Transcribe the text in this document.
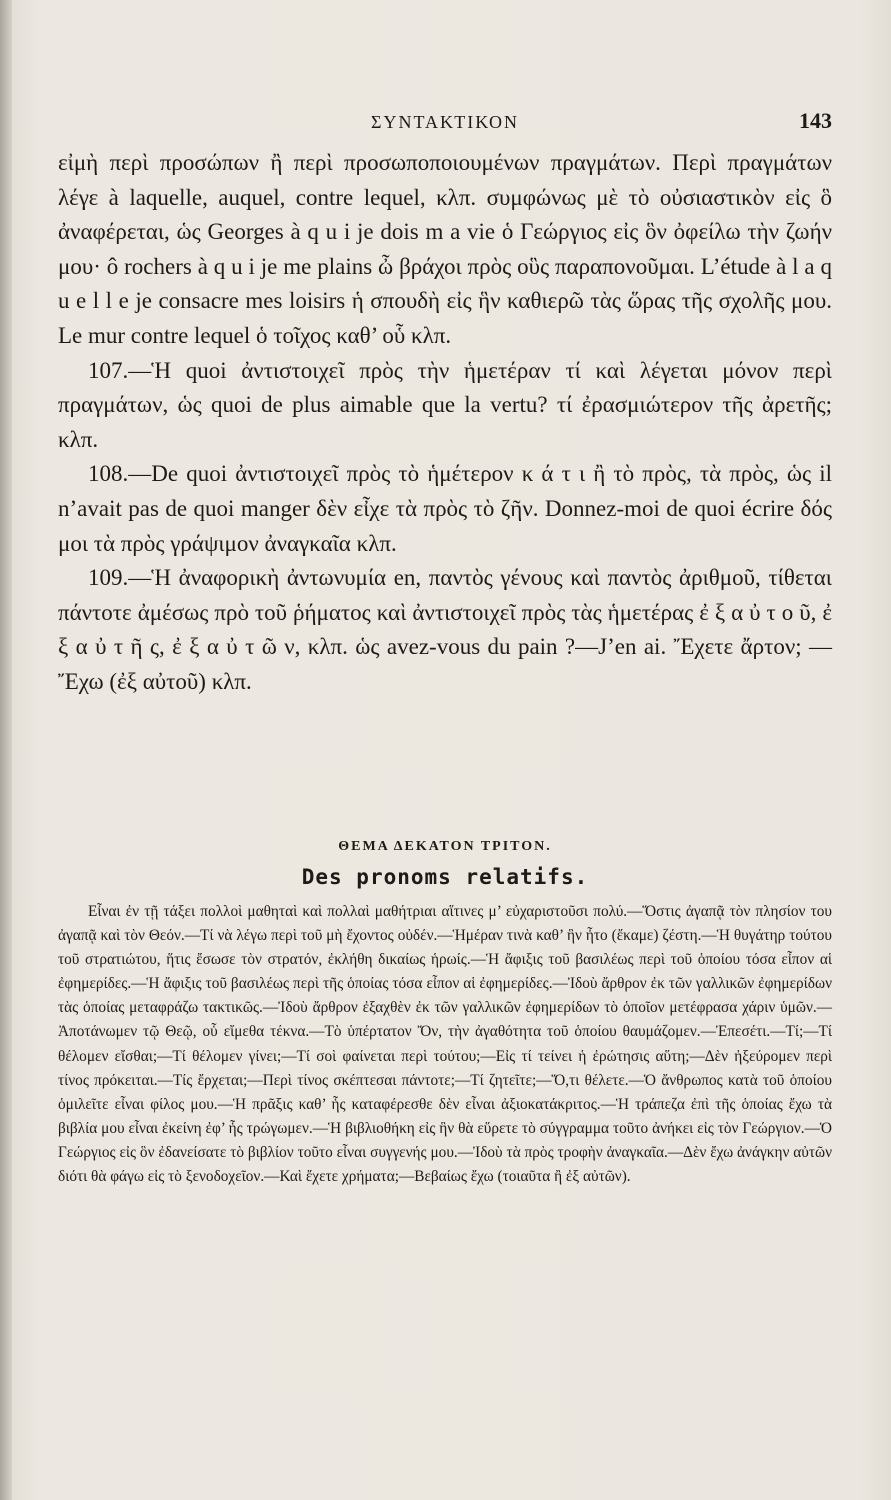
ΣΥΝΤΑΚΤΙΚΟΝ	143

εἰμὴ περὶ προσώπων ἢ περὶ προσωποποιουμένων πραγμάτων. Περὶ πραγμάτων λέγε à laquelle, auquel, contre lequel, κλπ. συμφώνως μὲ τὸ οὐσιαστικὸν εἰς ὃ ἀναφέρεται, ὡς Georges à q u i je dois m a vie ὁ Γεώργιος εἰς ὃν ὀφείλω τὴν ζωήν μου· ô rochers à q u i je me plains ὦ βράχοι πρὸς οὓς παραπονοῦμαι. L’étude à l a q u e l l e je consacre mes loisirs ἡ σπουδὴ εἰς ἣν καθιερῶ τὰς ὥρας τῆς σχολῆς μου. Le mur contre lequel ὁ τοῖχος καθ’ οὗ κλπ.

107.—Ἡ quoi ἀντιστοιχεῖ πρὸς τὴν ἡμετέραν τί καὶ λέγεται μόνον περὶ πραγμάτων, ὡς quoi de plus aimable que la vertu? τί ἐρασμιώτερον τῆς ἀρετῆς; κλπ.

108.—De quoi ἀντιστοιχεῖ πρὸς τὸ ἡμέτερον κ ά τ ι ἢ τὸ πρὸς, τὰ πρὸς, ὡς il n’avait pas de quoi manger δὲν εἶχε τὰ πρὸς τὸ ζῆν. Donnez-moi de quoi écrire δός μοι τὰ πρὸς γράψιμον ἀναγκαῖα κλπ.

109.—Ἡ ἀναφορικὴ ἀντωνυμία en, παντὸς γένους καὶ παντὸς ἀριθμοῦ, τίθεται πάντοτε ἀμέσως πρὸ τοῦ ῥήματος καὶ ἀντιστοιχεῖ πρὸς τὰς ἡμετέρας ἐ ξ α ὐ τ ο ῦ, ἐ ξ α ὐ τ ῆ ς, ἐ ξ α ὐ τ ῶ ν, κλπ. ὡς avez-vous du pain ?—J’en ai. Ἔχετε ἄρτον; —Ἔχω (ἐξ αὐτοῦ) κλπ.

ΘΕΜΑ ΔΕΚΑΤΟΝ ΤΡΙΤΟΝ.

Des pronoms relatifs.

Εἶναι ἐν τῇ τάξει πολλοὶ μαθηταὶ καὶ πολλαὶ μαθήτριαι αἵτινες μ’ εὐχαριστοῦσι πολύ.—Ὅστις ἀγαπᾷ τὸν πλησίον του ἀγαπᾷ καὶ τὸν Θεόν.—Τί νὰ λέγω περὶ τοῦ μὴ ἔχοντος οὐδέν.—Ἡμέραν τινὰ καθ’ ἣν ἦτο (ἔκαμε) ζέστη.—Ἡ θυγάτηρ τούτου τοῦ στρατιώτου, ἥτις ἔσωσε τὸν στρατόν, ἐκλήθη δικαίως ἡρωίς.—Ἡ ἄφιξις τοῦ βασιλέως περὶ τοῦ ὁποίου τόσα εἶπον αἱ ἐφημερίδες.—Ἡ ἄφιξις τοῦ βασιλέως περὶ τῆς ὁποίας τόσα εἶπον αἱ ἐφημερίδες.—Ἰδοὺ ἄρθρον ἐκ τῶν γαλλικῶν ἐφημερίδων τὰς ὁποίας μεταφράζω τακτικῶς.—Ἰδοὺ ἄρθρον ἐξαχθὲν ἐκ τῶν γαλλικῶν ἐφημερίδων τὸ ὁποῖον μετέφρασα χάριν ὑμῶν.—Ἀποτάνωμεν τῷ Θεῷ, οὗ εἴμεθα τέκνα.—Τὸ ὑπέρτατον Ὄν, τὴν ἀγαθότητα τοῦ ὁποίου θαυμάζομεν.—Ἐπεσέτι.—Τί;—Τί θέλομεν εἴσθαι;—Τί θέλομεν γίνει;—Τί σοὶ φαίνεται περὶ τούτου;—Εἰς τί τείνει ἡ ἐρώτησις αὕτη;—Δὲν ἠξεύρομεν περὶ τίνος πρόκειται.—Τίς ἔρχεται;—Περὶ τίνος σκέπτεσαι πάντοτε;—Τί ζητεῖτε;—Ὅ,τι θέλετε.—Ὁ ἄνθρωπος κατὰ τοῦ ὁποίου ὁμιλεῖτε εἶναι φίλος μου.—Ἡ πρᾶξις καθ’ ἧς καταφέρεσθε δὲν εἶναι ἀξιοκατάκριτος.—Ἡ τράπεζα ἐπὶ τῆς ὁποίας ἔχω τὰ βιβλία μου εἶναι ἐκείνη ἐφ’ ἧς τρώγωμεν.—Ἡ βιβλιοθήκη εἰς ἣν θὰ εὕρετε τὸ σύγγραμμα τοῦτο ἀνήκει εἰς τὸν Γεώργιον.—Ὁ Γεώργιος εἰς ὃν ἐδανείσατε τὸ βιβλίον τοῦτο εἶναι συγγενής μου.—Ἰδοὺ τὰ πρὸς τροφὴν ἀναγκαῖα.—Δὲν ἔχω ἀνάγκην αὐτῶν διότι θὰ φάγω εἰς τὸ ξενοδοχεῖον.—Καὶ ἔχετε χρήματα;—Βεβαίως ἔχω (τοιαῦτα ἢ ἐξ αὐτῶν).
